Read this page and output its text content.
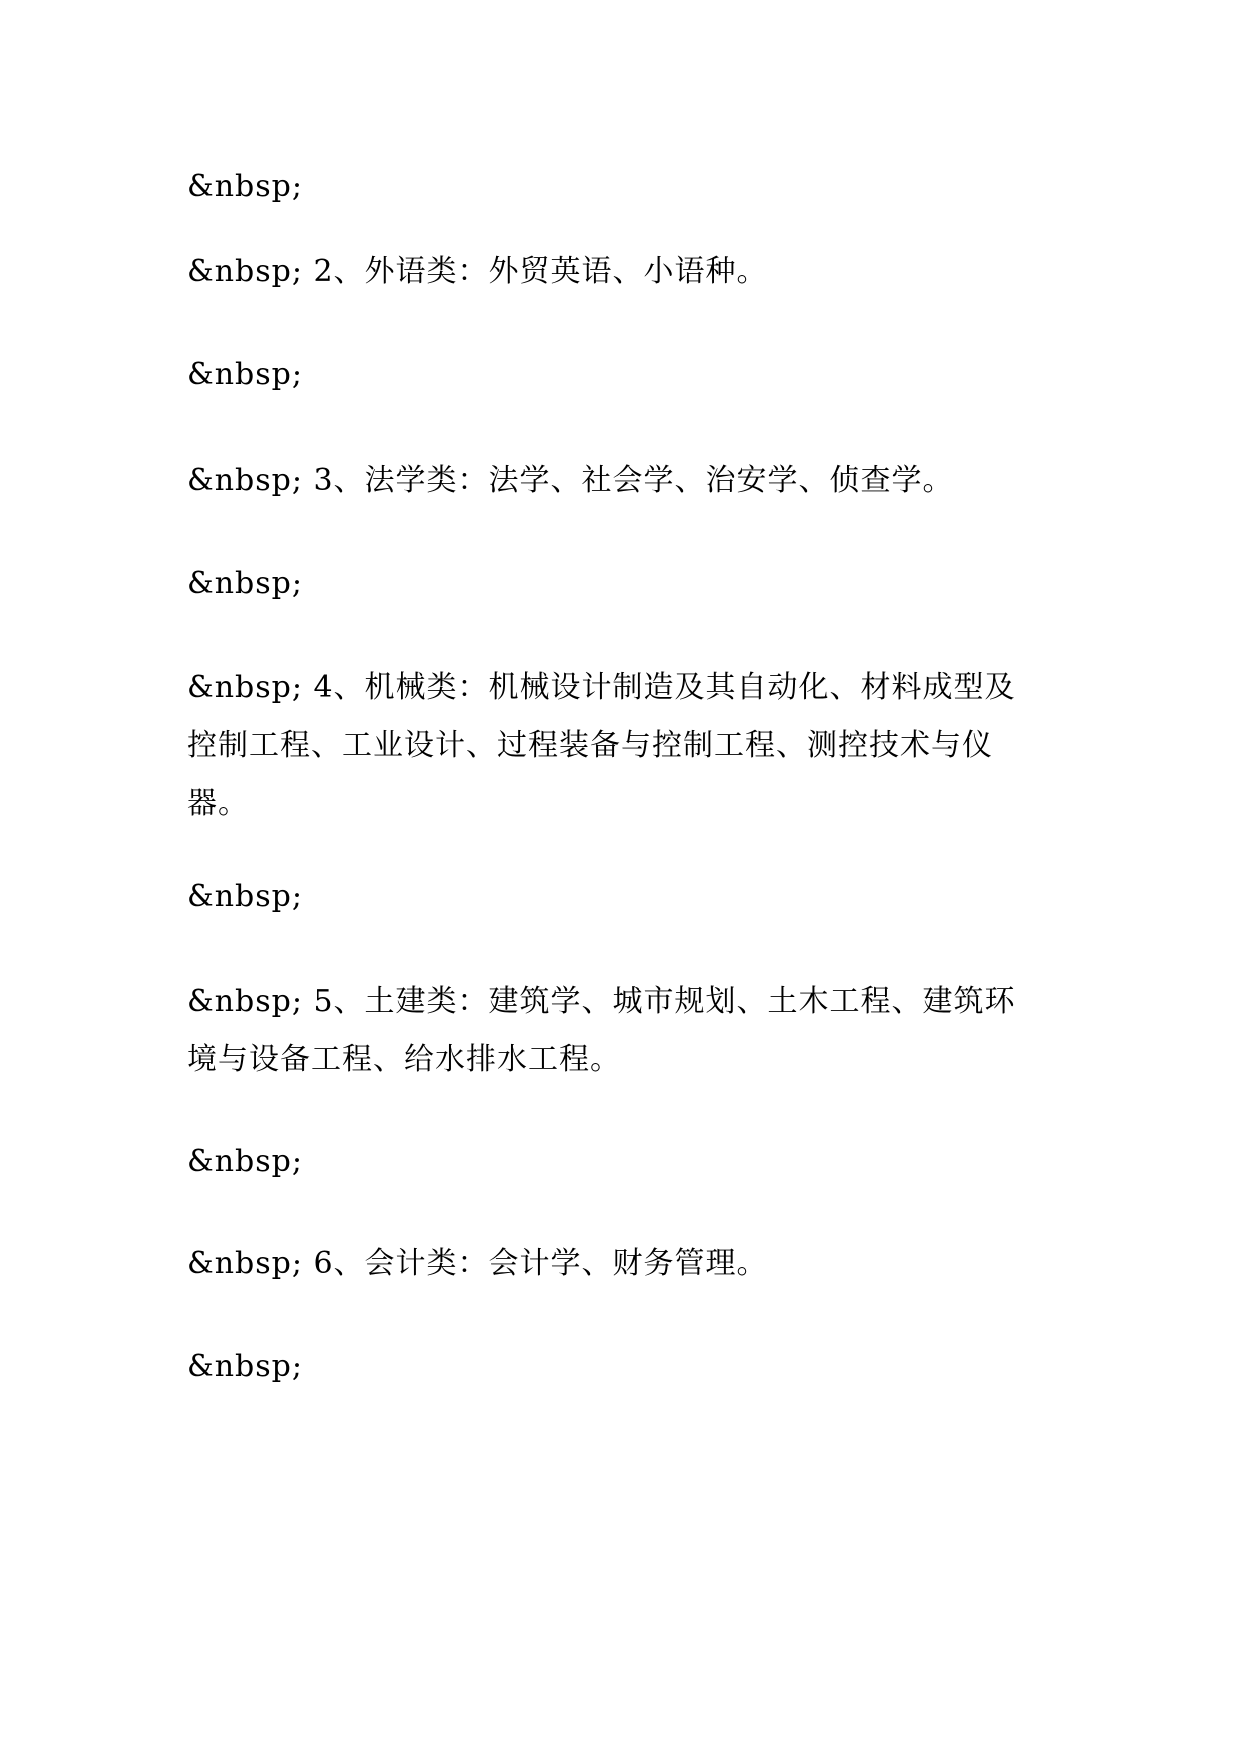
&nbsp;
&nbsp; 2、外语类：外贸英语、小语种。
&nbsp;
&nbsp; 3、法学类：法学、社会学、治安学、侦查学。
&nbsp;
&nbsp; 4、机械类：机械设计制造及其自动化、材料成型及
控制工程、工业设计、过程装备与控制工程、测控技术与仪
器。
&nbsp;
&nbsp; 5、土建类：建筑学、城市规划、土木工程、建筑环
境与设备工程、给水排水工程。
&nbsp;
&nbsp; 6、会计类：会计学、财务管理。
&nbsp;
